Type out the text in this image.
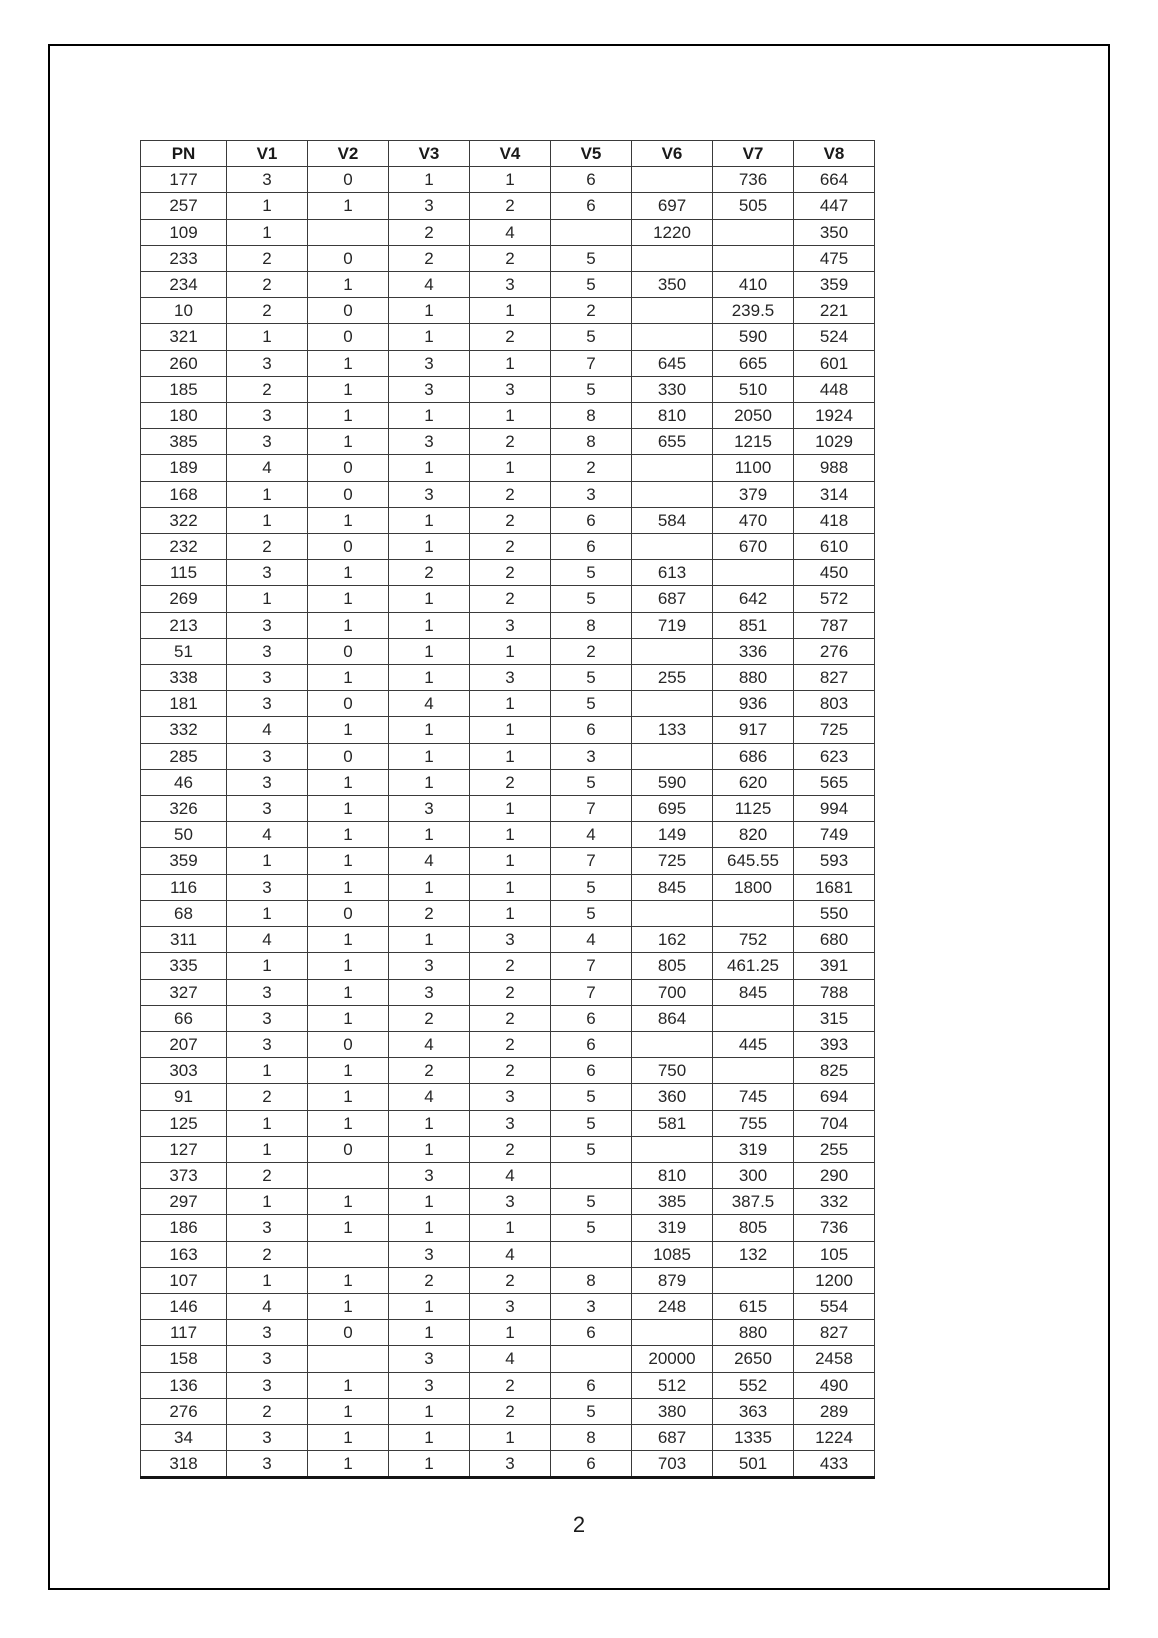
PN	V1	V2	V3	V4	V5	V6	V7	V8
177	3	0	1	1	6		736	664
257	1	1	3	2	6	697	505	447
109	1		2	4		1220		350
233	2	0	2	2	5			475
234	2	1	4	3	5	350	410	359
10	2	0	1	1	2		239.5	221
321	1	0	1	2	5		590	524
260	3	1	3	1	7	645	665	601
185	2	1	3	3	5	330	510	448
180	3	1	1	1	8	810	2050	1924
385	3	1	3	2	8	655	1215	1029
189	4	0	1	1	2		1100	988
168	1	0	3	2	3		379	314
322	1	1	1	2	6	584	470	418
232	2	0	1	2	6		670	610
115	3	1	2	2	5	613		450
269	1	1	1	2	5	687	642	572
213	3	1	1	3	8	719	851	787
51	3	0	1	1	2		336	276
338	3	1	1	3	5	255	880	827
181	3	0	4	1	5		936	803
332	4	1	1	1	6	133	917	725
285	3	0	1	1	3		686	623
46	3	1	1	2	5	590	620	565
326	3	1	3	1	7	695	1125	994
50	4	1	1	1	4	149	820	749
359	1	1	4	1	7	725	645.55	593
116	3	1	1	1	5	845	1800	1681
68	1	0	2	1	5			550
311	4	1	1	3	4	162	752	680
335	1	1	3	2	7	805	461.25	391
327	3	1	3	2	7	700	845	788
66	3	1	2	2	6	864		315
207	3	0	4	2	6		445	393
303	1	1	2	2	6	750		825
91	2	1	4	3	5	360	745	694
125	1	1	1	3	5	581	755	704
127	1	0	1	2	5		319	255
373	2		3	4		810	300	290
297	1	1	1	3	5	385	387.5	332
186	3	1	1	1	5	319	805	736
163	2		3	4		1085	132	105
107	1	1	2	2	8	879		1200
146	4	1	1	3	3	248	615	554
117	3	0	1	1	6		880	827
158	3		3	4		20000	2650	2458
136	3	1	3	2	6	512	552	490
276	2	1	1	2	5	380	363	289
34	3	1	1	1	8	687	1335	1224
318	3	1	1	3	6	703	501	433
2
